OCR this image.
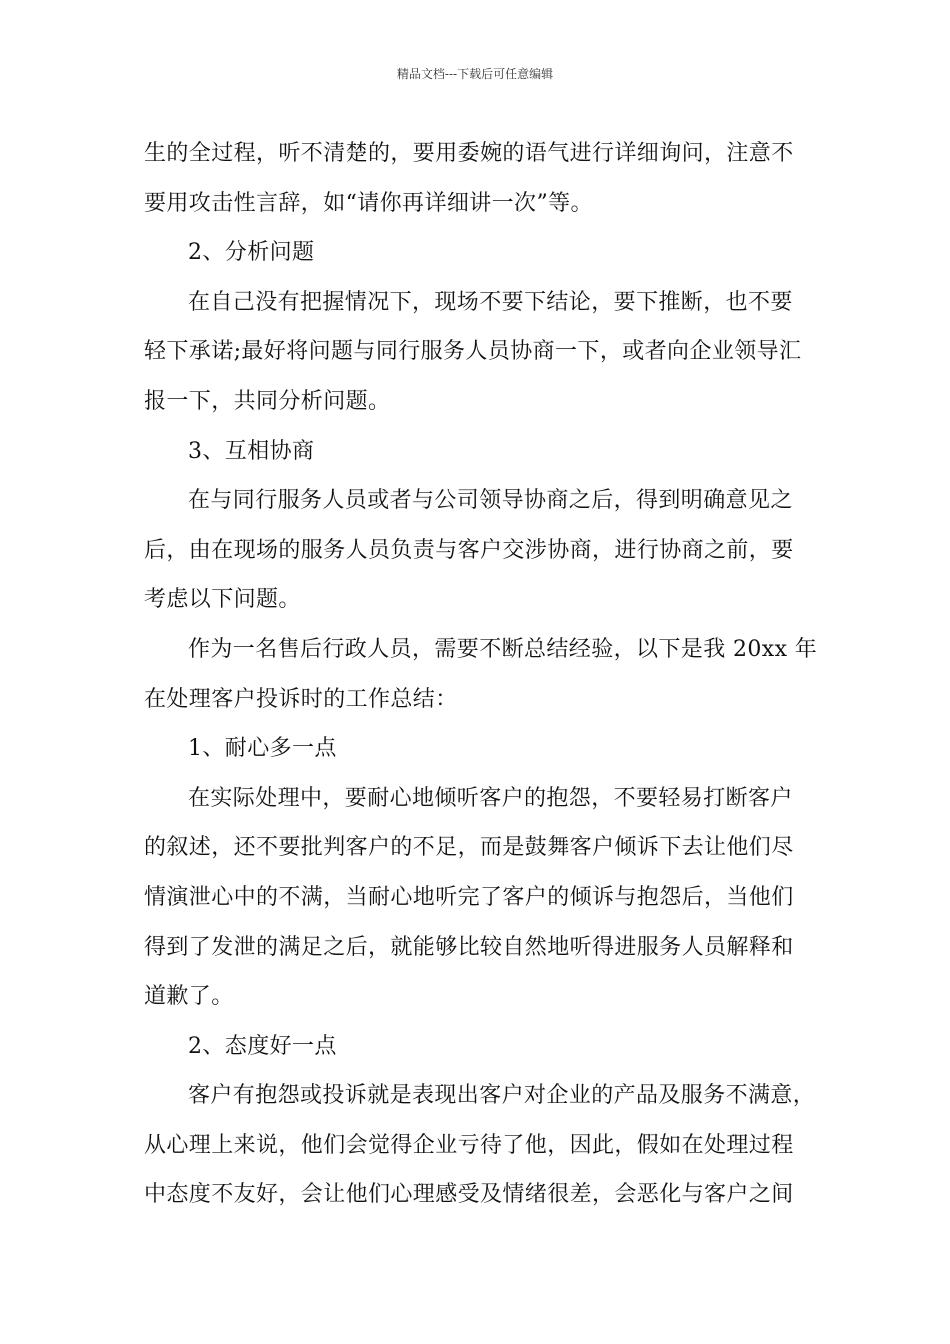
精品文档---下载后可任意编辑
生的全过程，听不清楚的，要用委婉的语气进行详细询问，注意不
要用攻击性言辞，如“请你再详细讲一次”等。
2、分析问题
在自己没有把握情况下，现场不要下结论，要下推断，也不要
轻下承诺;最好将问题与同行服务人员协商一下，或者向企业领导汇
报一下，共同分析问题。
3、互相协商
在与同行服务人员或者与公司领导协商之后，得到明确意见之
后，由在现场的服务人员负责与客户交涉协商，进行协商之前，要
考虑以下问题。
作为一名售后行政人员，需要不断总结经验，以下是我 20xx 年
在处理客户投诉时的工作总结：
1、耐心多一点
在实际处理中，要耐心地倾听客户的抱怨，不要轻易打断客户
的叙述，还不要批判客户的不足，而是鼓舞客户倾诉下去让他们尽
情演泄心中的不满，当耐心地听完了客户的倾诉与抱怨后，当他们
得到了发泄的满足之后，就能够比较自然地听得进服务人员解释和
道歉了。
2、态度好一点
客户有抱怨或投诉就是表现出客户对企业的产品及服务不满意，
从心理上来说，他们会觉得企业亏待了他，因此，假如在处理过程
中态度不友好，会让他们心理感受及情绪很差，会恶化与客户之间
